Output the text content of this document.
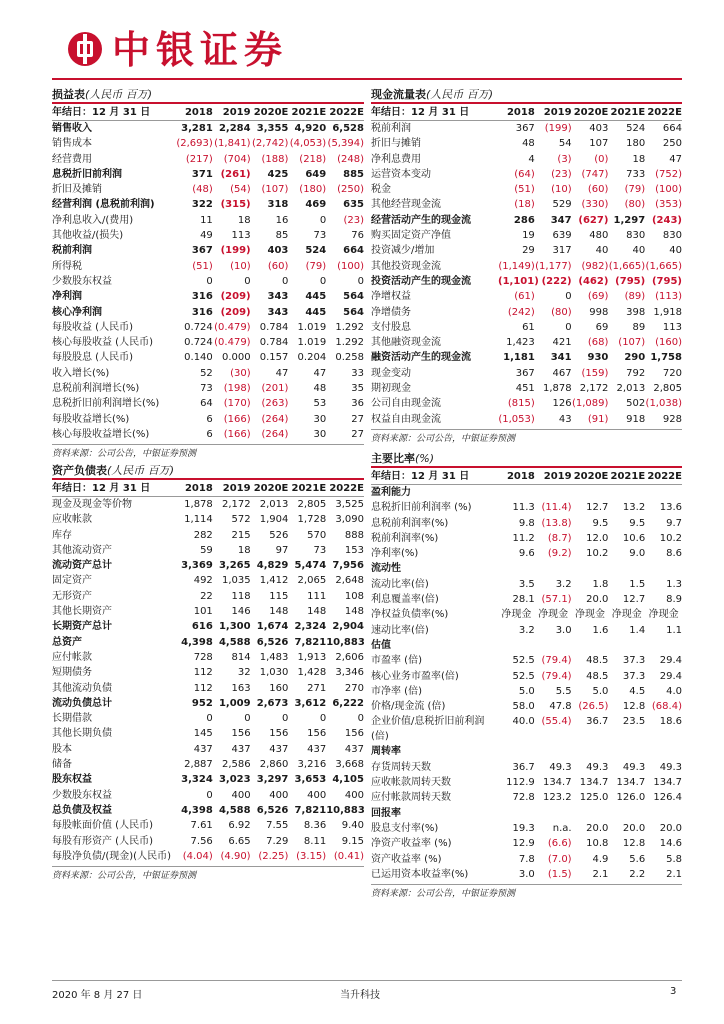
中银证券
损益表(人民币 百万)
年结日：12 月 31 日	2018 2019 2020E 2021E 2022E
销售收入	3,281 2,284 3,355 4,920 6,528
销售成本	(2,693) (1,841) (2,742) (4,053) (5,394)
经营费用	(217)	(704)	(188)	(218)	(248)
息税折旧前利润	371 (261)	425	649	885
折旧及摊销	(48)	(54)	(107)	(180)	(250)
经营利润 (息税前利润)	322 (315)	318	469	635
净利息收入/(费用)	11	18	16	0	(23)
其他收益/(损失)	49	113	85	73	76
税前利润	367 (199)	403	524	664
所得税	(51)	(10)	(60)	(79)	(100)
少数股东权益	0	0	0	0	0
净利润	316 (209)	343	445	564
核心净利润	316 (209)	343	445	564
每股收益 (人民币)	0.724 (0.479) 0.784 1.019 1.292
核心每股收益 (人民币)	0.724 (0.479) 0.784 1.019 1.292
每股股息 (人民币)	0.140 0.000 0.157 0.204 0.258
收入增长(%)	52	(30)	47	47	33
息税前利润增长(%)	73	(198)	(201)	48	35
息税折旧前利润增长(%)	64	(170)	(263)	53	36
每股收益增长(%)	6	(166)	(264)	30	27
核心每股收益增长(%)	6	(166)	(264)	30	27
资料来源：公司公告，中银证券预测
现金流量表(人民币 百万)
年结日：12 月 31 日	2018 2019 2020E 2021E 2022E
税前利润	367 (199)	403	524	664
折旧与摊销	48	54	107	180	250
净利息费用	4	(3)	(0)	18	47
运营资本变动	(64)	(23) (747)	733 (752)
税金	(51)	(10)	(60)	(79) (100)
其他经营现金流	(18)	529 (330)	(80) (353)
经营活动产生的现金流	286	347 (627) 1,297 (243)
购买固定资产净值	19	639	480	830	830
投资减少/增加	29	317	40	40	40
其他投资现金流	(1,149) (1,177) (982) (1,665) (1,665)
投资活动产生的现金流	(1,101) (222) (462) (795) (795)
净增权益	(61)	0	(69)	(89) (113)
净增债务	(242)	(80)	998	398 1,918
支付股息	61	0	69	89	113
其他融资现金流	1,423	421	(68) (107) (160)
融资活动产生的现金流	1,181	341	930	290 1,758
现金变动	367	467 (159)	792	720
期初现金	451 1,878 2,172 2,013 2,805
公司自由现金流	(815)	126 (1,089)	502 (1,038)
权益自由现金流	(1,053)	43	(91)	918	928
资料来源：公司公告，中银证券预测
资产负债表(人民币 百万)
年结日：12 月 31 日	2018 2019 2020E 2021E 2022E
现金及现金等价物	1,878 2,172 2,013 2,805 3,525
应收帐款	1,114	572 1,904 1,728 3,090
库存	282	215	526	570	888
其他流动资产	59	18	97	73	153
流动资产总计	3,369 3,265 4,829 5,474 7,956
固定资产	492 1,035 1,412 2,065 2,648
无形资产	22	118	115	111	108
其他长期资产	101	146	148	148	148
长期资产总计	616 1,300 1,674 2,324 2,904
总资产	4,398 4,588 6,526 7,821 10,883
应付帐款	728	814 1,483 1,913 2,606
短期债务	112	32 1,030 1,428 3,346
其他流动负债	112	163	160	271	270
流动负债总计	952 1,009 2,673 3,612 6,222
长期借款	0	0	0	0	0
其他长期负债	145	156	156	156	156
股本	437	437	437	437	437
储备	2,887 2,586 2,860 3,216 3,668
股东权益	3,324 3,023 3,297 3,653 4,105
少数股东权益	0	400	400	400	400
总负债及权益	4,398 4,588 6,526 7,821 10,883
每股帐面价值 (人民币)	7.61	6.92	7.55	8.36	9.40
每股有形资产 (人民币)	7.56	6.65	7.29	8.11	9.15
每股净负债/(现金)(人民币)	(4.04) (4.90) (2.25) (3.15) (0.41)
资料来源：公司公告，中银证券预测
主要比率(%)
年结日：12 月 31 日	2018 2019 2020E 2021E 2022E
盈利能力
息税折旧前利润率 (%)	11.3 (11.4)	12.7	13.2	13.6
息税前利润率(%)	9.8 (13.8)	9.5	9.5	9.7
税前利润率(%)	11.2	(8.7)	12.0	10.6	10.2
净利率(%)	9.6	(9.2)	10.2	9.0	8.6
流动性
流动比率(倍)	3.5	3.2	1.8	1.5	1.3
利息覆盖率(倍)	28.1 (57.1)	20.0	12.7	8.9
净权益负债率(%)	净现金 净现金 净现金 净现金 净现金
速动比率(倍)	3.2	3.0	1.6	1.4	1.1
估值
市盈率 (倍)	52.5 (79.4)	48.5	37.3	29.4
核心业务市盈率(倍)	52.5 (79.4)	48.5	37.3	29.4
市净率 (倍)	5.0	5.5	5.0	4.5	4.0
价格/现金流 (倍)	58.0	47.8 (26.5)	12.8 (68.4)
企业价值/息税折旧前利润(倍)
40.0 (55.4)	36.7	23.5	18.6
周转率
存货周转天数	36.7	49.3	49.3	49.3	49.3
应收帐款周转天数	112.9 134.7 134.7 134.7 134.7
应付帐款周转天数	72.8 123.2 125.0 126.0 126.4
回报率
股息支付率(%)	19.3	n.a.	20.0	20.0	20.0
净资产收益率 (%)	12.9	(6.6)	10.8	12.8	14.6
资产收益率 (%)	7.8	(7.0)	4.9	5.6	5.8
已运用资本收益率(%)	3.0	(1.5)	2.1	2.2	2.1
资料来源：公司公告，中银证券预测
2020 年 8 月 27 日	当升科技	3
